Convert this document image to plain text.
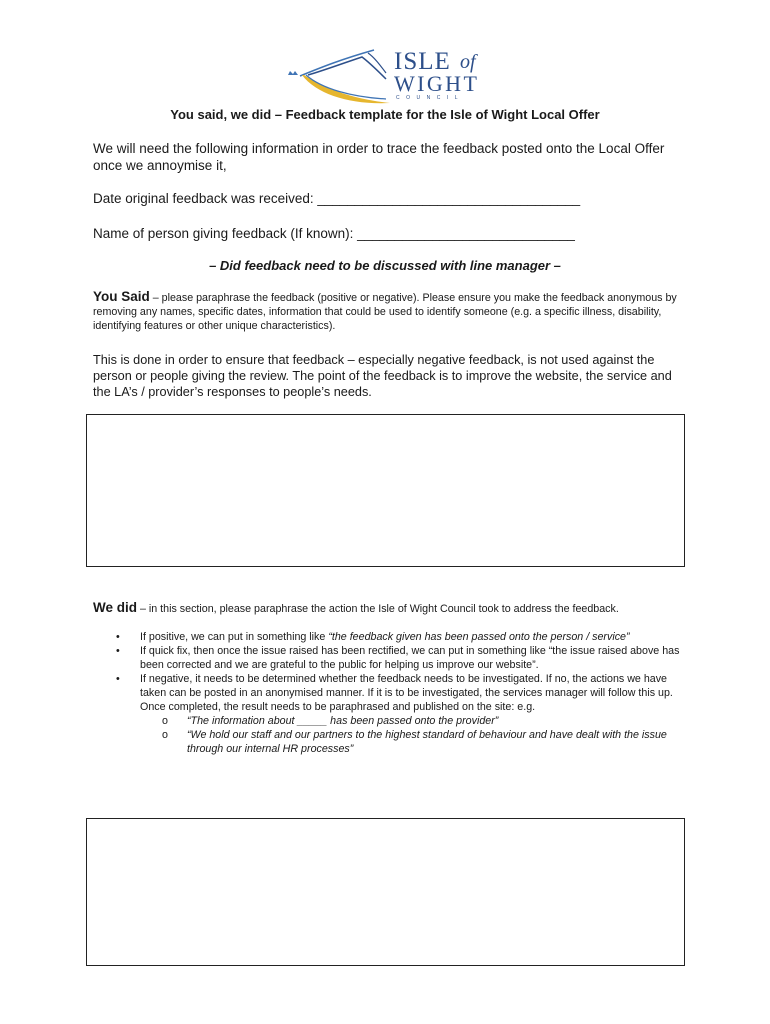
ISLE of
WIGHT
COUNCIL
You said, we did – Feedback template for the Isle of Wight Local Offer
We will need the following information in order to trace the feedback posted onto the Local Offer once we annoymise it,
Date original feedback was received: ___________________________________
Name of person giving feedback (If known): _____________________________
– Did feedback need to be discussed with line manager –
You Said – please paraphrase the feedback (positive or negative). Please ensure you make the feedback anonymous by removing any names, specific dates, information that could be used to identify someone (e.g. a specific illness, disability, identifying features or other unique characteristics).
This is done in order to ensure that feedback – especially negative feedback, is not used against the person or people giving the review. The point of the feedback is to improve the website, the service and the LA’s / provider’s responses to people’s needs.
We did – in this section, please paraphrase the action the Isle of Wight Council took to address the feedback.
• If positive, we can put in something like “the feedback given has been passed onto the person / service”
• If quick fix, then once the issue raised has been rectified, we can put in something like “the issue raised above has been corrected and we are grateful to the public for helping us improve our website”.
• If negative, it needs to be determined whether the feedback needs to be investigated. If no, the actions we have taken can be posted in an anonymised manner. If it is to be investigated, the services manager will follow this up. Once completed, the result needs to be paraphrased and published on the site: e.g.
o “The information about _____ has been passed onto the provider”
o “We hold our staff and our partners to the highest standard of behaviour and have dealt with the issue through our internal HR processes”
